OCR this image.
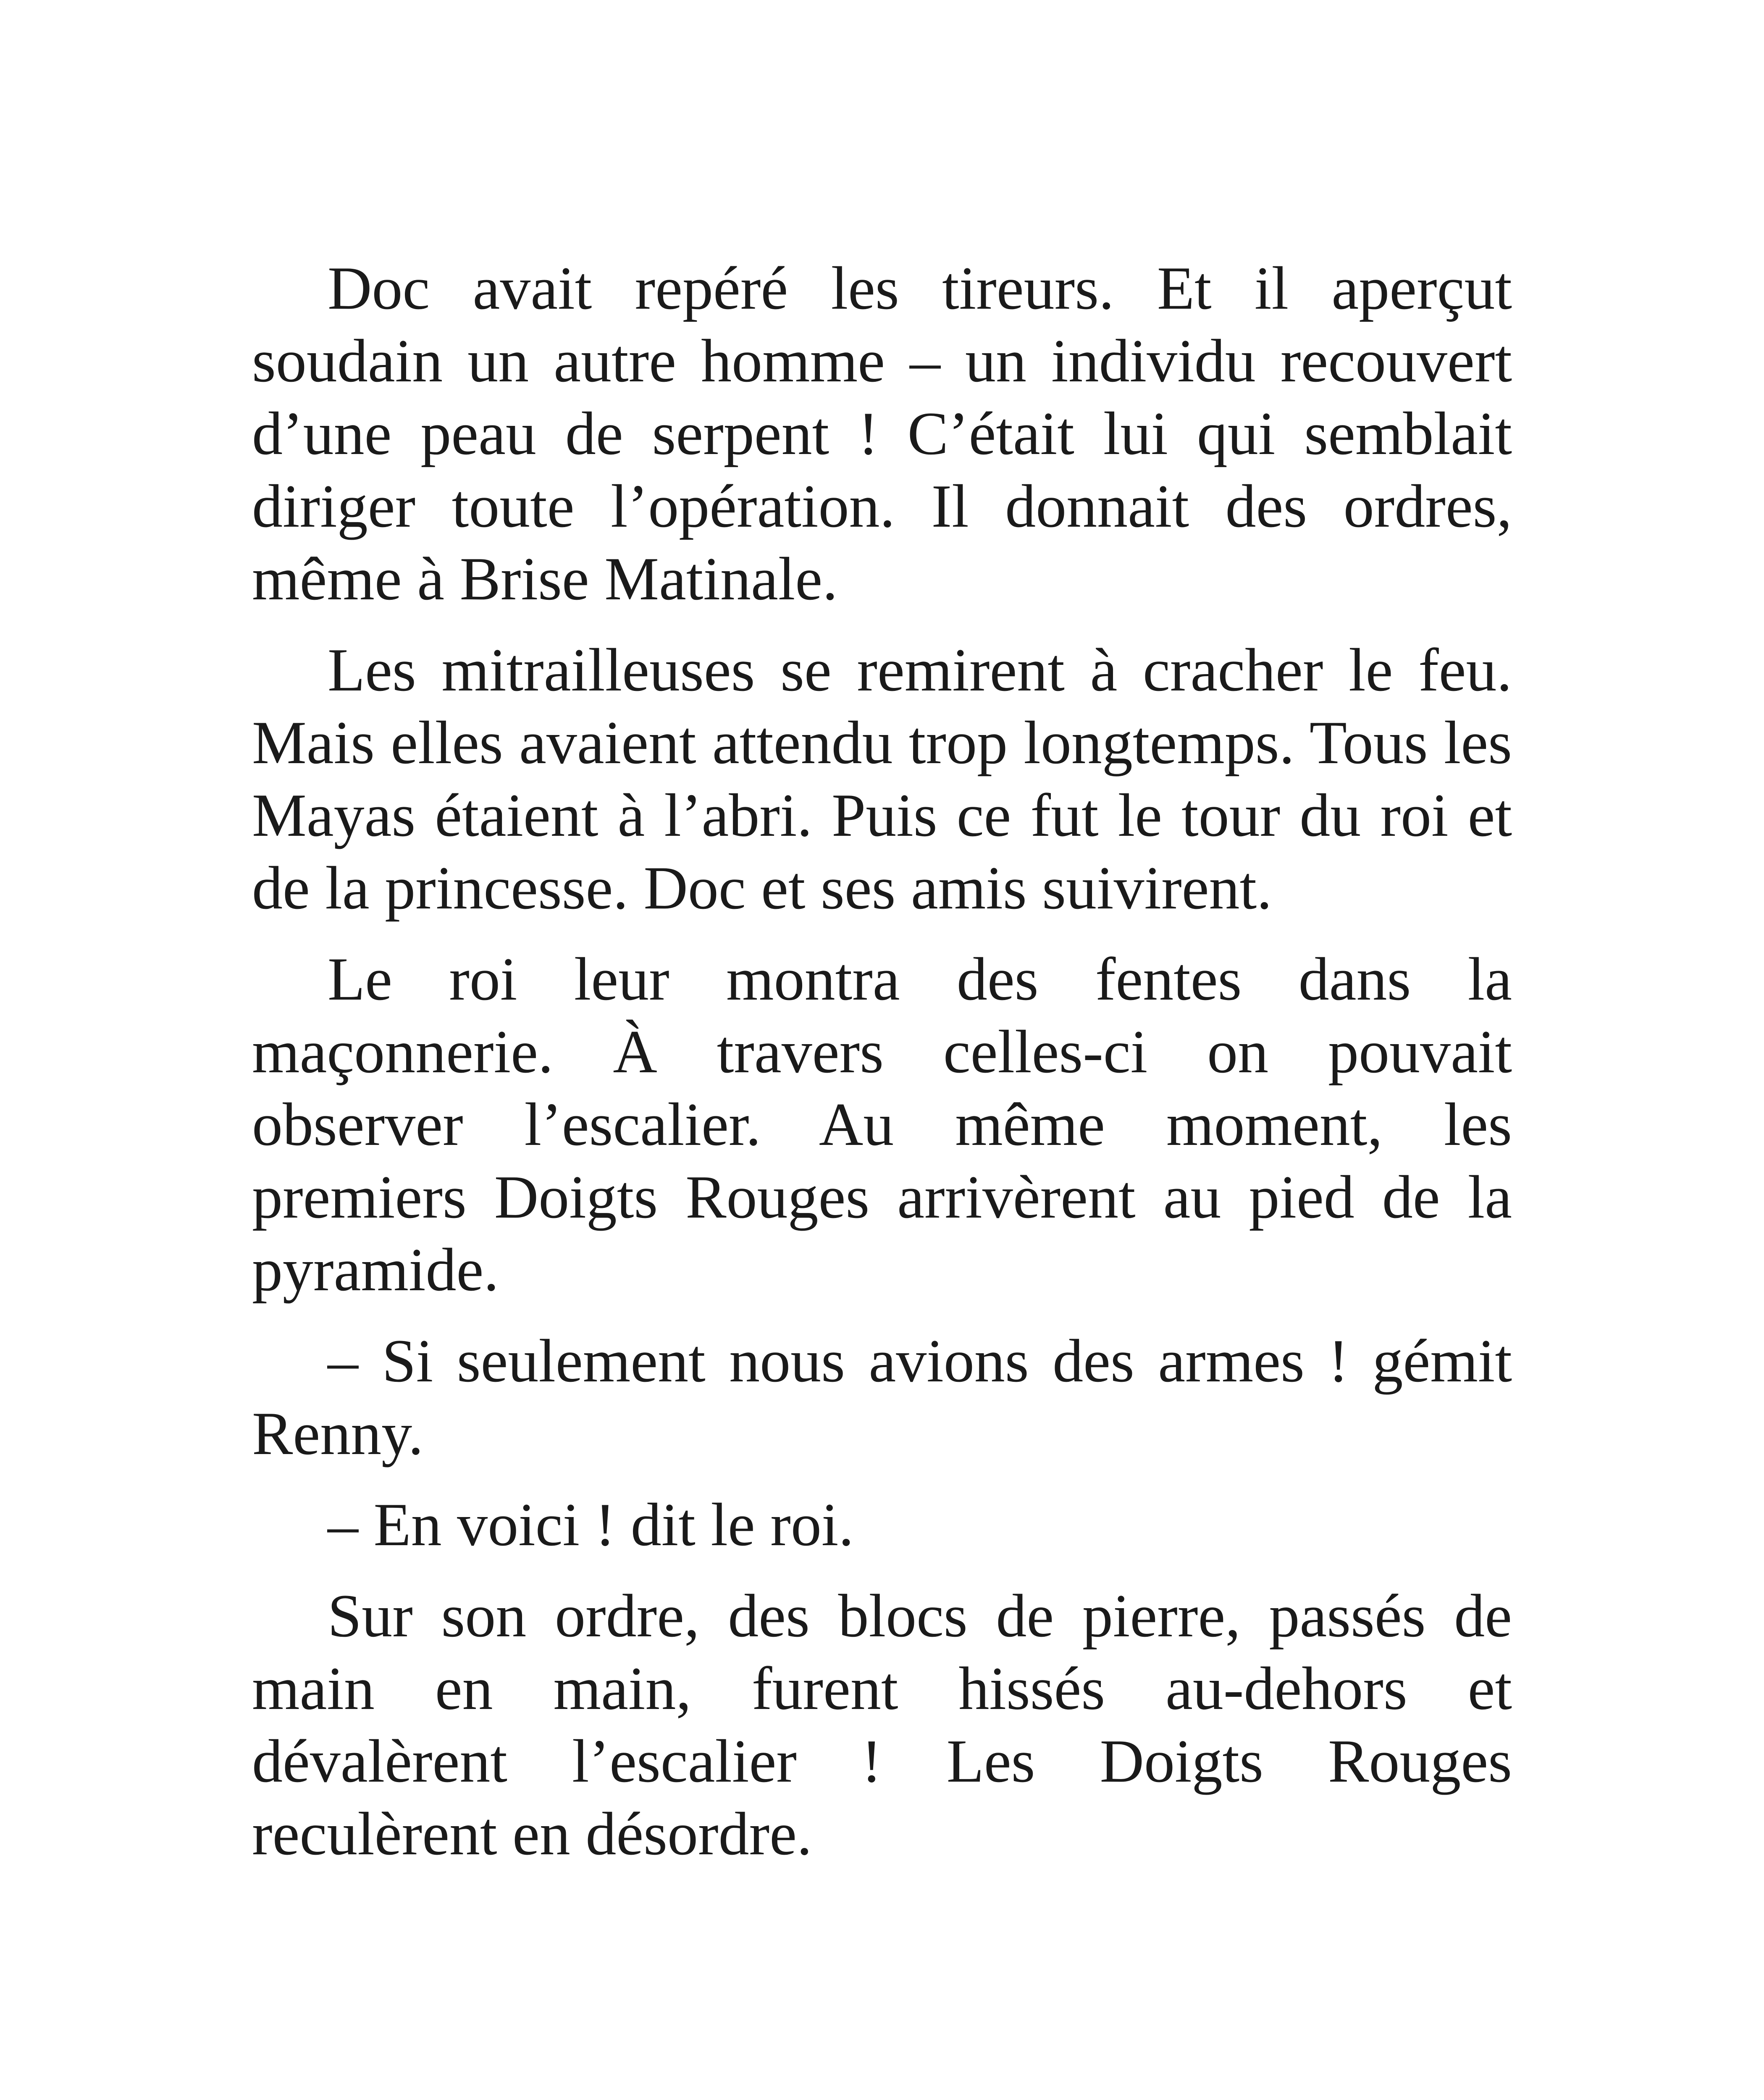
Doc avait repéré les tireurs. Et il aperçut soudain un autre homme – un individu recouvert d’une peau de serpent ! C’était lui qui semblait diriger toute l’opération. Il donnait des ordres, même à Brise Matinale.

Les mitrailleuses se remirent à cracher le feu. Mais elles avaient attendu trop longtemps. Tous les Mayas étaient à l’abri. Puis ce fut le tour du roi et de la princesse. Doc et ses amis suivirent.

Le roi leur montra des fentes dans la maçonnerie. À travers celles-ci on pouvait observer l’escalier. Au même moment, les premiers Doigts Rouges arrivèrent au pied de la pyramide.

– Si seulement nous avions des armes ! gémit Renny.

– En voici ! dit le roi.

Sur son ordre, des blocs de pierre, passés de main en main, furent hissés au-dehors et dévalèrent l’escalier ! Les Doigts Rouges reculèrent en désordre.
